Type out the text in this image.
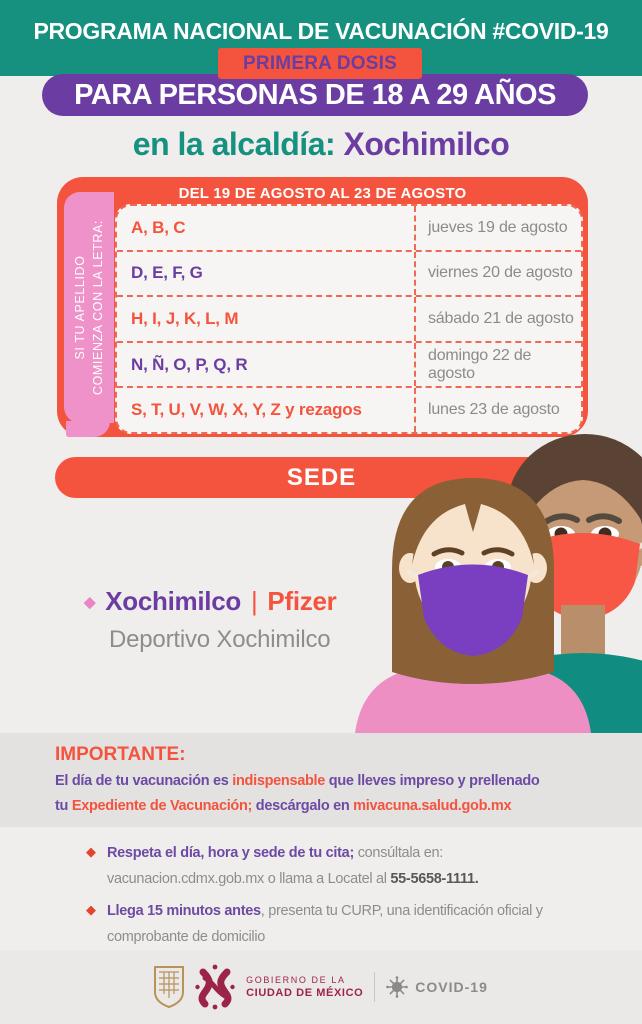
PROGRAMA NACIONAL DE VACUNACIÓN #COVID-19
PRIMERA DOSIS
PARA PERSONAS DE 18 A 29 AÑOS
en la alcaldía: Xochimilco
DEL 19 DE AGOSTO AL 23 DE AGOSTO
SI TU APELLIDO COMIENZA CON LA LETRA:	A, B, C	jueves 19 de agosto
D, E, F, G	viernes 20 de agosto
H, I, J, K, L, M	sábado 21 de agosto
N, Ñ, O, P, Q, R	domingo 22 de agosto
S, T, U, V, W, X, Y, Z y rezagos	lunes 23 de agosto
SEDE
◆ Xochimilco | Pfizer
Deportivo Xochimilco
IMPORTANTE:
El día de tu vacunación es indispensable que lleves impreso y prellenado
tu Expediente de Vacunación; descárgalo en mivacuna.salud.gob.mx
◆ Respeta el día, hora y sede de tu cita; consúltala en:
vacunacion.cdmx.gob.mx o llama a Locatel al 55-5658-1111.
◆ Llega 15 minutos antes, presenta tu CURP, una identificación oficial y
comprobante de domicilio
GOBIERNO DE LA
CIUDAD DE MÉXICO	COVID-19
